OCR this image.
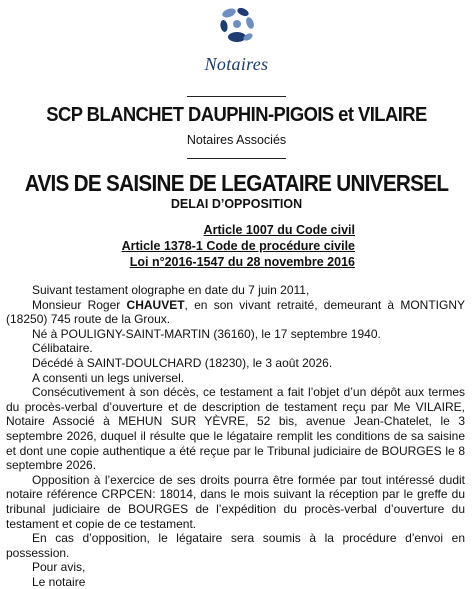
Notaires
SCP BLANCHET DAUPHIN-PIGOIS et VILAIRE
Notaires Associés
AVIS DE SAISINE DE LEGATAIRE UNIVERSEL
DELAI D’OPPOSITION
Article 1007 du Code civil
Article 1378-1 Code de procédure civile
Loi n°2016-1547 du 28 novembre 2016

Suivant testament olographe en date du 7 juin 2011,

Monsieur Roger CHAUVET, en son vivant retraité, demeurant à MONTIGNY (18250) 745 route de la Groux.

Né à POULIGNY-SAINT-MARTIN (36160), le 17 septembre 1940.

Célibataire.

Décédé à SAINT-DOULCHARD (18230), le 3 août 2026.

A consenti un legs universel.

Consécutivement à son décès, ce testament a fait l’objet d’un dépôt aux termes du procès-verbal d’ouverture et de description de testament reçu par Me VILAIRE, Notaire Associé à MEHUN SUR YÈVRE, 52 bis, avenue Jean-Chatelet, le 3 septembre 2026, duquel il résulte que le légataire remplit les conditions de sa saisine et dont une copie authentique a été reçue par le Tribunal judiciaire de BOURGES le 8 septembre 2026.

Opposition à l’exercice de ses droits pourra être formée par tout intéressé dudit notaire référence CRPCEN: 18014, dans le mois suivant la réception par le greffe du tribunal judiciaire de BOURGES de l’expédition du procès-verbal d’ouverture du testament et copie de ce testament.

En cas d’opposition, le légataire sera soumis à la procédure d’envoi en possession.

Pour avis,

Le notaire
